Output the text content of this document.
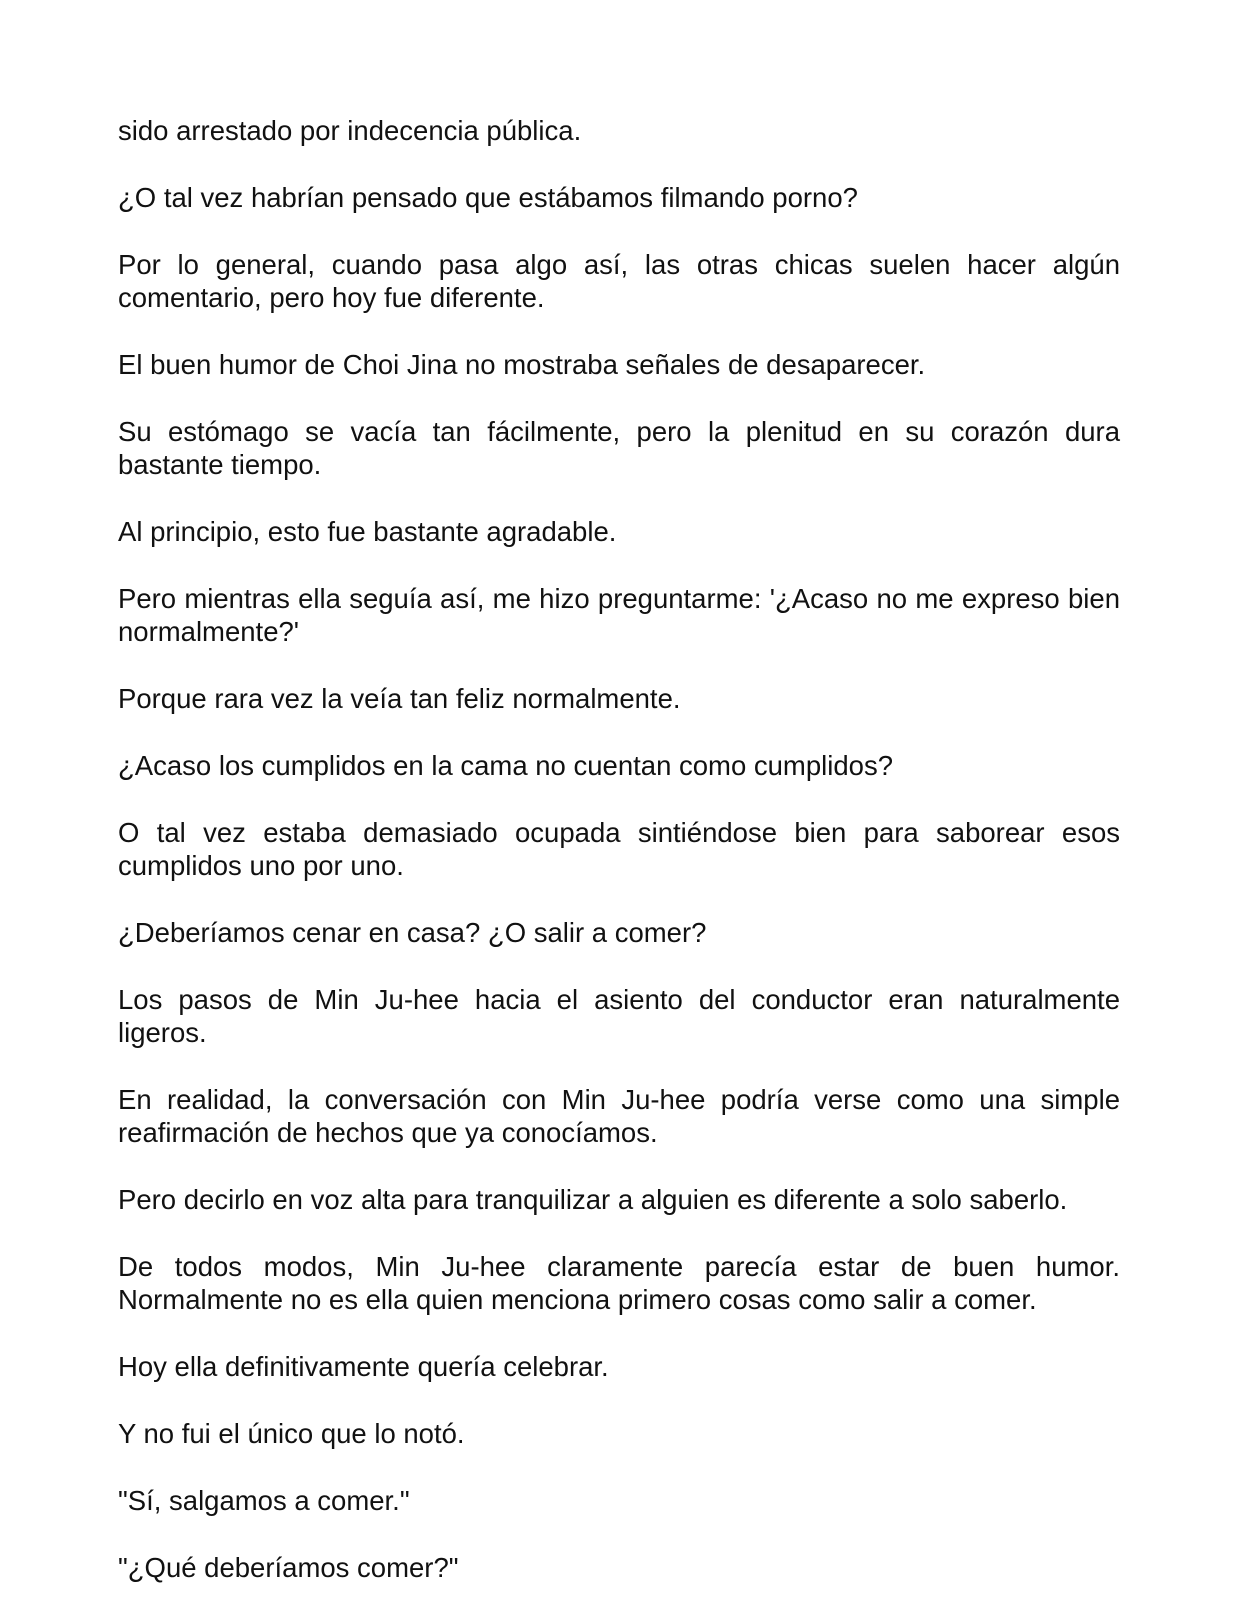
sido arrestado por indecencia pública.

¿O tal vez habrían pensado que estábamos filmando porno?

Por lo general, cuando pasa algo así, las otras chicas suelen hacer algún comentario, pero hoy fue diferente.

El buen humor de Choi Jina no mostraba señales de desaparecer.

Su estómago se vacía tan fácilmente, pero la plenitud en su corazón dura bastante tiempo.

Al principio, esto fue bastante agradable.

Pero mientras ella seguía así, me hizo preguntarme: '¿Acaso no me expreso bien normalmente?'

Porque rara vez la veía tan feliz normalmente.

¿Acaso los cumplidos en la cama no cuentan como cumplidos?

O tal vez estaba demasiado ocupada sintiéndose bien para saborear esos cumplidos uno por uno.

¿Deberíamos cenar en casa? ¿O salir a comer?

Los pasos de Min Ju-hee hacia el asiento del conductor eran naturalmente ligeros.

En realidad, la conversación con Min Ju-hee podría verse como una simple reafirmación de hechos que ya conocíamos.

Pero decirlo en voz alta para tranquilizar a alguien es diferente a solo saberlo.

De todos modos, Min Ju-hee claramente parecía estar de buen humor. Normalmente no es ella quien menciona primero cosas como salir a comer.

Hoy ella definitivamente quería celebrar.

Y no fui el único que lo notó.

"Sí, salgamos a comer."

"¿Qué deberíamos comer?"
